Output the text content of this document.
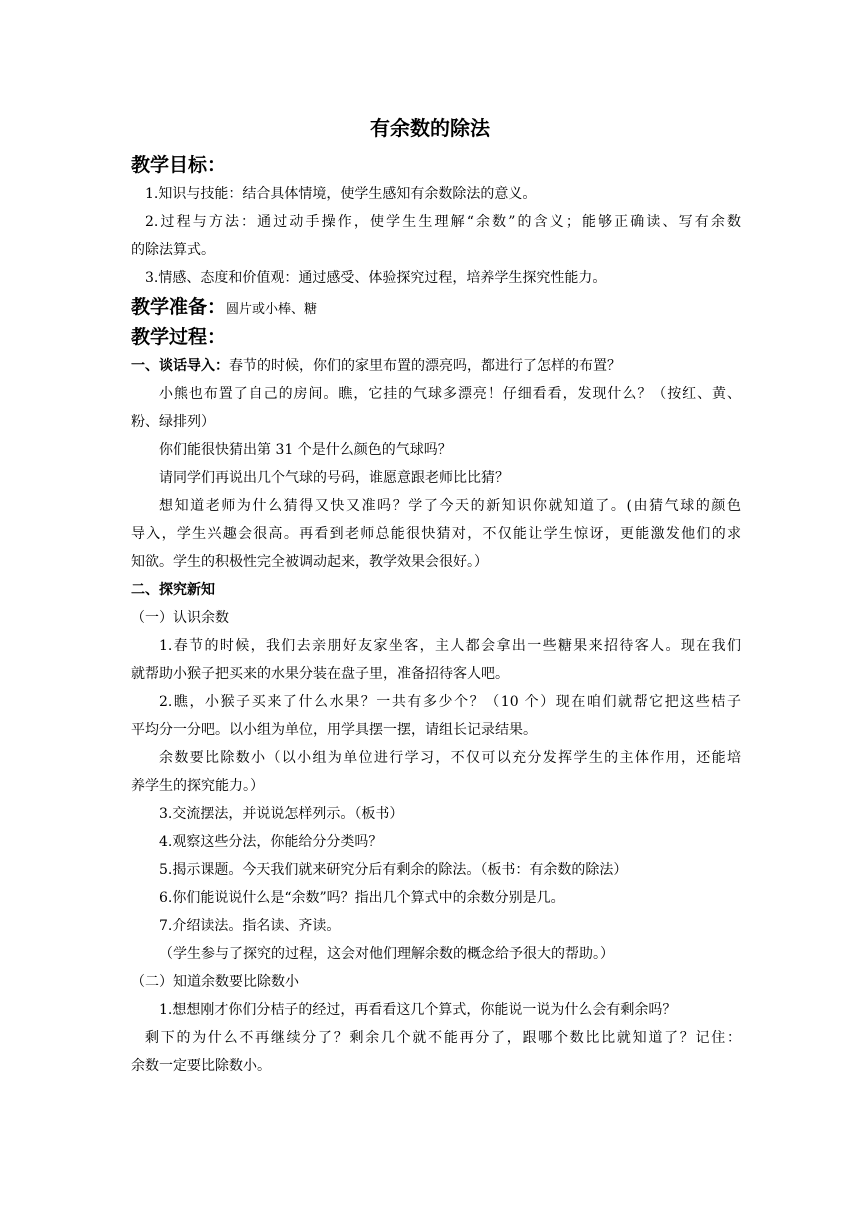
有余数的除法
教学目标：
1.知识与技能：结合具体情境，使学生感知有余数除法的意义。
2.过程与方法：通过动手操作，使学生生理解“余数”的含义；能够正确读、写有余数
的除法算式。
3.情感、态度和价值观：通过感受、体验探究过程，培养学生探究性能力。
教学准备：圆片或小棒、糖
教学过程：
一、谈话导入：春节的时候，你们的家里布置的漂亮吗，都进行了怎样的布置？
小熊也布置了自己的房间。瞧，它挂的气球多漂亮！仔细看看，发现什么？（按红、黄、
粉、绿排列）
你们能很快猜出第 31 个是什么颜色的气球吗？
请同学们再说出几个气球的号码，谁愿意跟老师比比猜？
想知道老师为什么猜得又快又准吗？学了今天的新知识你就知道了。(由猜气球的颜色
导入，学生兴趣会很高。再看到老师总能很快猜对，不仅能让学生惊讶，更能激发他们的求
知欲。学生的积极性完全被调动起来，教学效果会很好。）
二、探究新知
（一）认识余数
1.春节的时候，我们去亲朋好友家坐客，主人都会拿出一些糖果来招待客人。现在我们
就帮助小猴子把买来的水果分装在盘子里，准备招待客人吧。
2.瞧，小猴子买来了什么水果？一共有多少个？（10 个）现在咱们就帮它把这些桔子
平均分一分吧。以小组为单位，用学具摆一摆，请组长记录结果。
余数要比除数小（以小组为单位进行学习，不仅可以充分发挥学生的主体作用，还能培
养学生的探究能力。）
3.交流摆法，并说说怎样列示。（板书）
4.观察这些分法，你能给分分类吗？
5.揭示课题。今天我们就来研究分后有剩余的除法。（板书：有余数的除法）
6.你们能说说什么是“余数”吗？指出几个算式中的余数分别是几。
7.介绍读法。指名读、齐读。
（学生参与了探究的过程，这会对他们理解余数的概念给予很大的帮助。）
（二）知道余数要比除数小
1.想想刚才你们分桔子的经过，再看看这几个算式，你能说一说为什么会有剩余吗？
剩下的为什么不再继续分了？剩余几个就不能再分了，跟哪个数比比就知道了？记住：
余数一定要比除数小。
